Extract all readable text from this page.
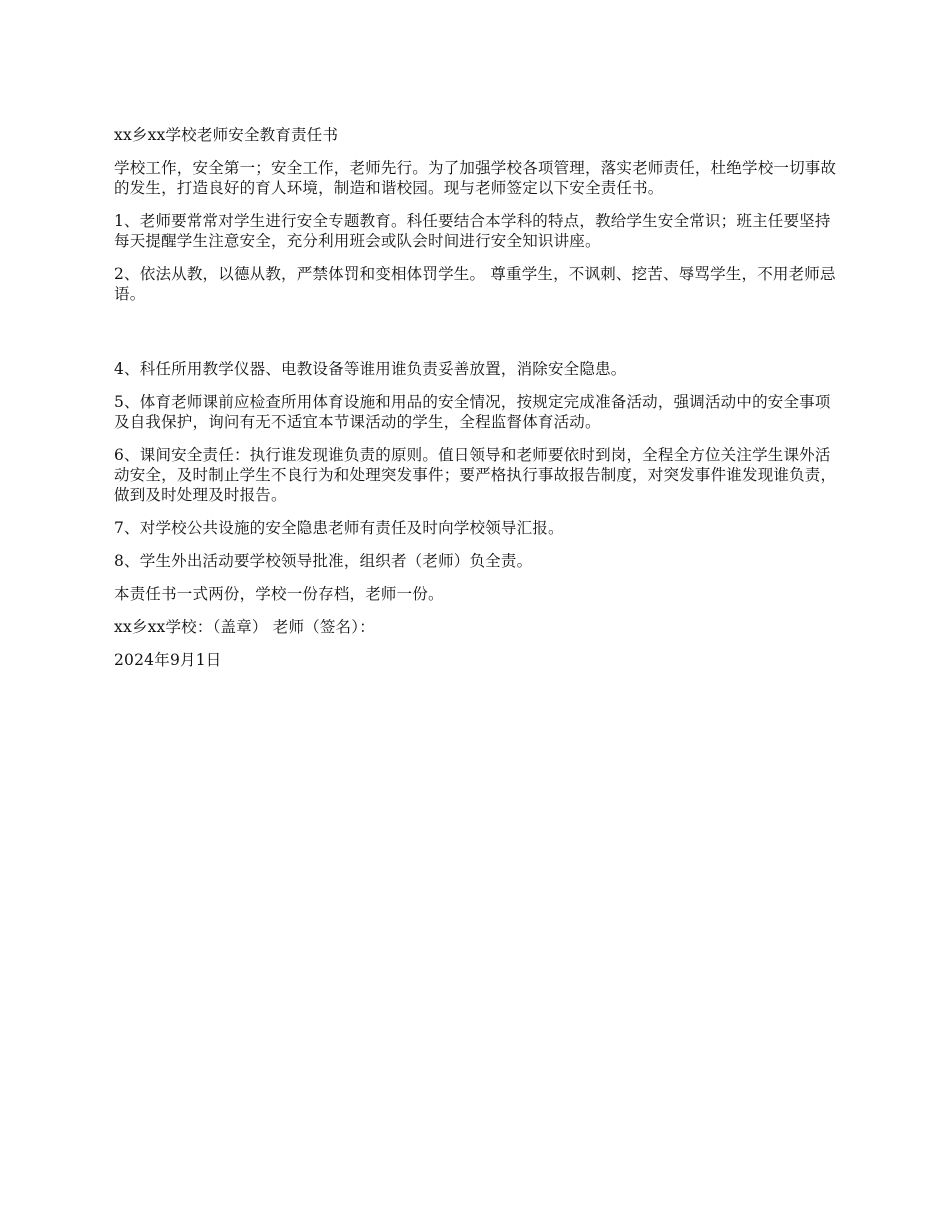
xx乡xx学校老师安全教育责任书

学校工作，安全第一；安全工作，老师先行。为了加强学校各项管理，落实老师责任，杜绝学校一切事故的发生，打造良好的育人环境，制造和谐校园。现与老师签定以下安全责任书。

1、老师要常常对学生进行安全专题教育。科任要结合本学科的特点，教给学生安全常识；班主任要坚持每天提醒学生注意安全，充分利用班会或队会时间进行安全知识讲座。

2、依法从教，以德从教，严禁体罚和变相体罚学生。 尊重学生，不讽刺、挖苦、辱骂学生，不用老师忌语。

4、科任所用教学仪器、电教设备等谁用谁负责妥善放置，消除安全隐患。

5、体育老师课前应检查所用体育设施和用品的安全情况，按规定完成准备活动，强调活动中的安全事项及自我保护，询问有无不适宜本节课活动的学生，全程监督体育活动。

6、课间安全责任：执行谁发现谁负责的原则。值日领导和老师要依时到岗，全程全方位关注学生课外活动安全，及时制止学生不良行为和处理突发事件；要严格执行事故报告制度，对突发事件谁发现谁负责，做到及时处理及时报告。

7、对学校公共设施的安全隐患老师有责任及时向学校领导汇报。

8、学生外出活动要学校领导批准，组织者（老师）负全责。

本责任书一式两份，学校一份存档，老师一份。

xx乡xx学校：（盖章） 老师（签名）：

2024年9月1日
